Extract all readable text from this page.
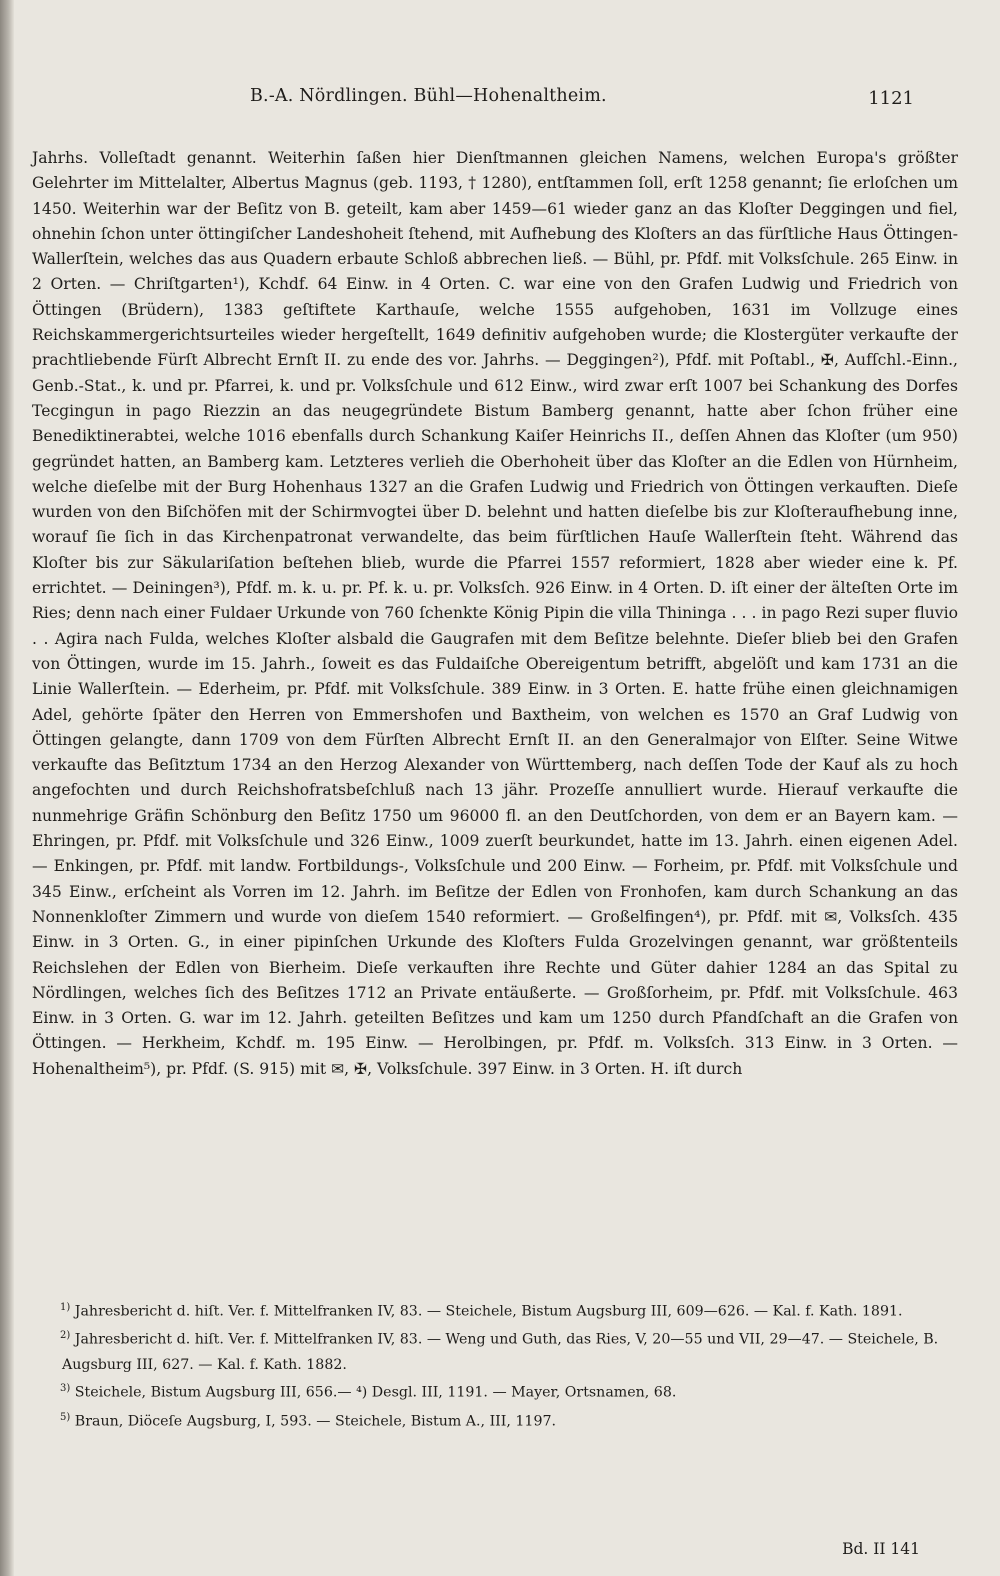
B.-A. Nördlingen. Bühl—Hohenaltheim.	1121

Jahrhs. Volleſtadt genannt. Weiterhin ſaßen hier Dienſtmannen gleichen Namens, welchen Europa's größter Gelehrter im Mittelalter, Albertus Magnus (geb. 1193, † 1280), entſtammen ſoll, erſt 1258 genannt; ſie erloſchen um 1450. Weiterhin war der Beſitz von B. geteilt, kam aber 1459—61 wieder ganz an das Kloſter Deggingen und fiel, ohnehin ſchon unter öttingiſcher Landeshoheit ſtehend, mit Aufhebung des Kloſters an das fürſtliche Haus Öttingen-Wallerſtein, welches das aus Quadern erbaute Schloß abbrechen ließ. — Bühl, pr. Pfdf. mit Volksſchule. 265 Einw. in 2 Orten. — Chriſtgarten¹), Kchdf. 64 Einw. in 4 Orten. C. war eine von den Grafen Ludwig und Friedrich von Öttingen (Brüdern), 1383 geſtiftete Karthauſe, welche 1555 aufgehoben, 1631 im Vollzuge eines Reichskammergerichtsurteiles wieder hergeſtellt, 1649 definitiv aufgehoben wurde; die Klostergüter verkaufte der prachtliebende Fürſt Albrecht Ernſt II. zu ende des vor. Jahrhs. — Deggingen²), Pfdf. mit Poſtabl., ✠, Aufſchl.-Einn., Genb.-Stat., k. und pr. Pfarrei, k. und pr. Volksſchule und 612 Einw., wird zwar erſt 1007 bei Schankung des Dorfes Tecgingun in pago Riezzin an das neugegründete Bistum Bamberg genannt, hatte aber ſchon früher eine Benediktinerabtei, welche 1016 ebenfalls durch Schankung Kaiſer Heinrichs II., deſſen Ahnen das Kloſter (um 950) gegründet hatten, an Bamberg kam. Letzteres verlieh die Oberhoheit über das Kloſter an die Edlen von Hürnheim, welche dieſelbe mit der Burg Hohenhaus 1327 an die Grafen Ludwig und Friedrich von Öttingen verkauften. Dieſe wurden von den Biſchöfen mit der Schirmvogtei über D. belehnt und hatten dieſelbe bis zur Kloſteraufhebung inne, worauf ſie ſich in das Kirchenpatronat verwandelte, das beim fürſtlichen Hauſe Wallerſtein ſteht. Während das Kloſter bis zur Säkulariſation beſtehen blieb, wurde die Pfarrei 1557 reformiert, 1828 aber wieder eine k. Pf. errichtet. — Deiningen³), Pfdf. m. k. u. pr. Pf. k. u. pr. Volksſch. 926 Einw. in 4 Orten. D. iſt einer der älteſten Orte im Ries; denn nach einer Fuldaer Urkunde von 760 ſchenkte König Pipin die villa Thininga . . . in pago Rezi super fluvio . . Agira nach Fulda, welches Kloſter alsbald die Gaugrafen mit dem Beſitze belehnte. Dieſer blieb bei den Grafen von Öttingen, wurde im 15. Jahrh., ſoweit es das Fuldaiſche Obereigentum betrifft, abgelöſt und kam 1731 an die Linie Wallerſtein. — Ederheim, pr. Pfdf. mit Volksſchule. 389 Einw. in 3 Orten. E. hatte frühe einen gleichnamigen Adel, gehörte ſpäter den Herren von Emmershofen und Baxtheim, von welchen es 1570 an Graf Ludwig von Öttingen gelangte, dann 1709 von dem Fürſten Albrecht Ernſt II. an den Generalmajor von Elſter. Seine Witwe verkaufte das Beſitztum 1734 an den Herzog Alexander von Württemberg, nach deſſen Tode der Kauf als zu hoch angefochten und durch Reichshofratsbeſchluß nach 13 jähr. Prozeſſe annulliert wurde. Hierauf verkaufte die nunmehrige Gräfin Schönburg den Beſitz 1750 um 96000 fl. an den Deutſchorden, von dem er an Bayern kam. — Ehringen, pr. Pfdf. mit Volksſchule und 326 Einw., 1009 zuerſt beurkundet, hatte im 13. Jahrh. einen eigenen Adel. — Enkingen, pr. Pfdf. mit landw. Fortbildungs-, Volksſchule und 200 Einw. — Forheim, pr. Pfdf. mit Volksſchule und 345 Einw., erſcheint als Vorren im 12. Jahrh. im Beſitze der Edlen von Fronhofen, kam durch Schankung an das Nonnenkloſter Zimmern und wurde von dieſem 1540 reformiert. — Großelfingen⁴), pr. Pfdf. mit ✉, Volksſch. 435 Einw. in 3 Orten. G., in einer pipinſchen Urkunde des Kloſters Fulda Grozelvingen genannt, war größtenteils Reichslehen der Edlen von Bierheim. Dieſe verkauften ihre Rechte und Güter dahier 1284 an das Spital zu Nördlingen, welches ſich des Beſitzes 1712 an Private entäußerte. — Großſorheim, pr. Pfdf. mit Volksſchule. 463 Einw. in 3 Orten. G. war im 12. Jahrh. geteilten Beſitzes und kam um 1250 durch Pfandſchaft an die Grafen von Öttingen. — Herkheim, Kchdf. m. 195 Einw. — Herolbingen, pr. Pfdf. m. Volksſch. 313 Einw. in 3 Orten. — Hohenaltheim⁵), pr. Pfdf. (S. 915) mit ✉, ✠, Volksſchule. 397 Einw. in 3 Orten. H. iſt durch

$^{1)}$ Jahresbericht d. hiſt. Ver. f. Mittelfranken IV, 83. — Steichele, Bistum Augsburg III, 609—626. — Kal. f. Kath. 1891.

$^{2)}$ Jahresbericht d. hiſt. Ver. f. Mittelfranken IV, 83. — Weng und Guth, das Ries, V, 20—55 und VII, 29—47. — Steichele, B. Augsburg III, 627. — Kal. f. Kath. 1882.

$^{3)}$ Steichele, Bistum Augsburg III, 656.— ⁴) Desgl. III, 1191. — Mayer, Ortsnamen, 68.

$^{5)}$ Braun, Diöceſe Augsburg, I, 593. — Steichele, Bistum A., III, 1197.

Bd. II 141
